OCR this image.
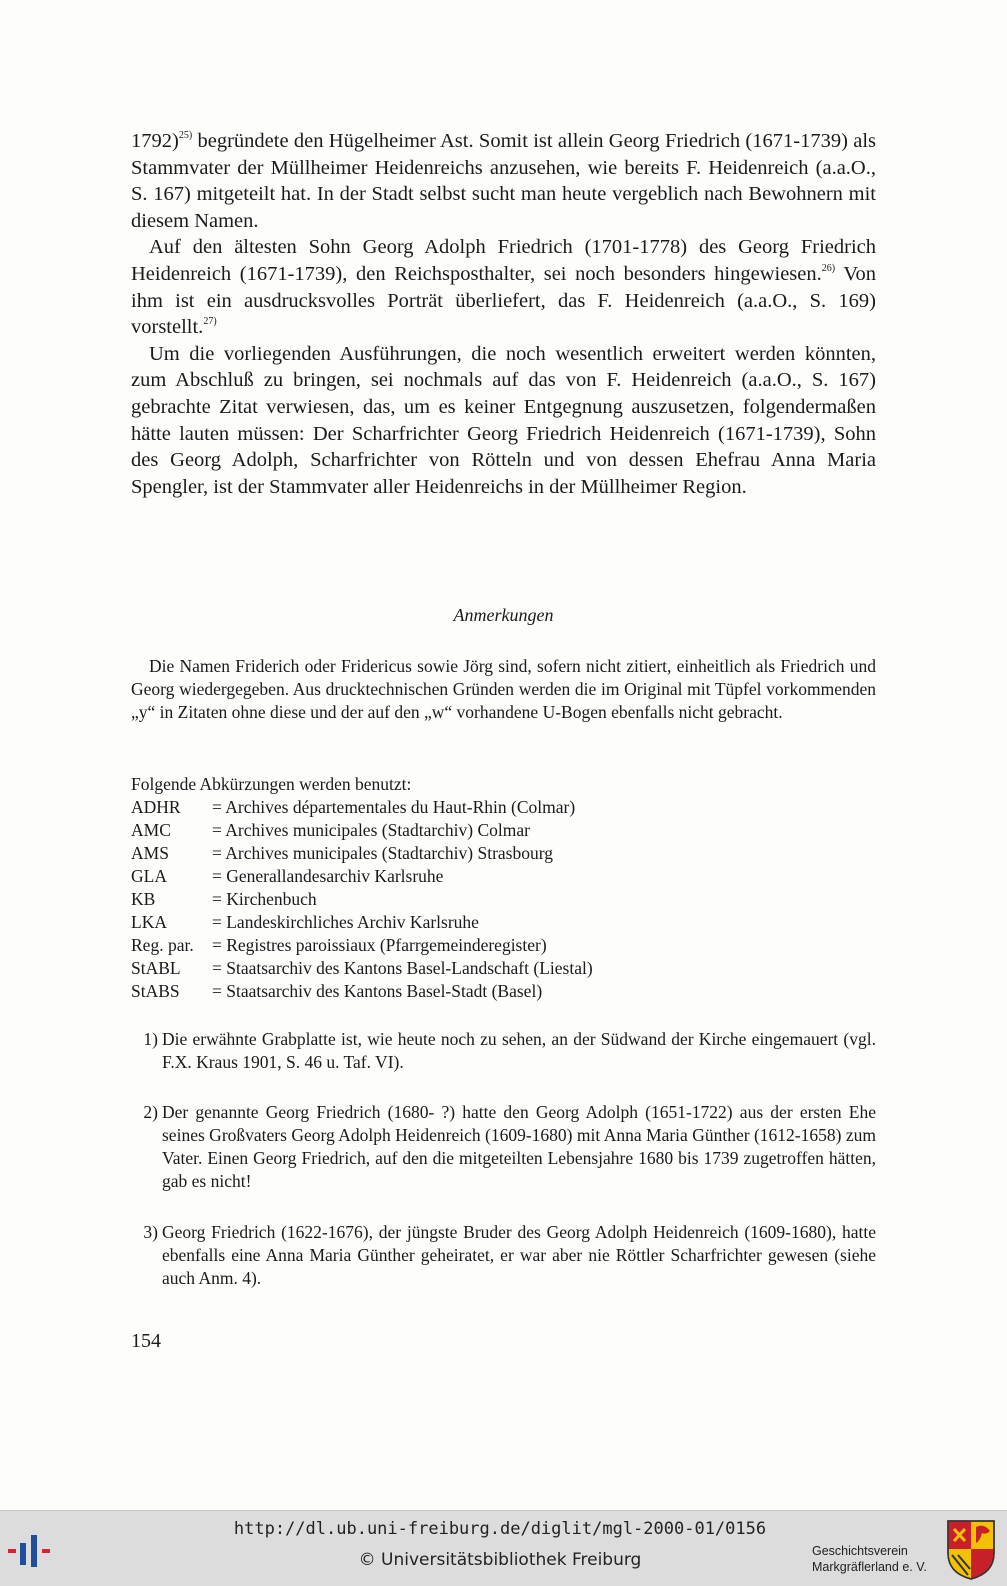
1792)$^{25)}$ begründete den Hügelheimer Ast. Somit ist allein Georg Friedrich (1671-1739) als Stammvater der Müllheimer Heidenreichs anzusehen, wie bereits F. Heidenreich (a.a.O., S. 167) mitgeteilt hat. In der Stadt selbst sucht man heute vergeblich nach Bewohnern mit diesem Namen.

Auf den ältesten Sohn Georg Adolph Friedrich (1701-1778) des Georg Friedrich Heidenreich (1671-1739), den Reichsposthalter, sei noch besonders hingewiesen.$^{26)}$ Von ihm ist ein ausdrucksvolles Porträt überliefert, das F. Heidenreich (a.a.O., S. 169) vorstellt.$^{27)}$

Um die vorliegenden Ausführungen, die noch wesentlich erweitert werden könnten, zum Abschluß zu bringen, sei nochmals auf das von F. Heidenreich (a.a.O., S. 167) gebrachte Zitat verwiesen, das, um es keiner Entgegnung auszusetzen, folgendermaßen hätte lauten müssen: Der Scharfrichter Georg Friedrich Heidenreich (1671-1739), Sohn des Georg Adolph, Scharfrichter von Rötteln und von dessen Ehefrau Anna Maria Spengler, ist der Stammvater aller Heidenreichs in der Müllheimer Region.

Anmerkungen

Die Namen Friderich oder Fridericus sowie Jörg sind, sofern nicht zitiert, einheitlich als Friedrich und Georg wiedergegeben. Aus drucktechnischen Gründen werden die im Original mit Tüpfel vorkommenden „y“ in Zitaten ohne diese und der auf den „w“ vorhandene U-Bogen ebenfalls nicht gebracht.

Folgende Abkürzungen werden benutzt:

ADHR	= Archives départementales du Haut-Rhin (Colmar)
AMC	= Archives municipales (Stadtarchiv) Colmar
AMS	= Archives municipales (Stadtarchiv) Strasbourg
GLA	= Generallandesarchiv Karlsruhe
KB	= Kirchenbuch
LKA	= Landeskirchliches Archiv Karlsruhe
Reg. par.	= Registres paroissiaux (Pfarrgemeinderegister)
StABL	= Staatsarchiv des Kantons Basel-Landschaft (Liestal)
StABS	= Staatsarchiv des Kantons Basel-Stadt (Basel)
1) Die erwähnte Grabplatte ist, wie heute noch zu sehen, an der Südwand der Kirche eingemauert (vgl. F.X. Kraus 1901, S. 46 u. Taf. VI).
2) Der genannte Georg Friedrich (1680- ?) hatte den Georg Adolph (1651-1722) aus der ersten Ehe seines Großvaters Georg Adolph Heidenreich (1609-1680) mit Anna Maria Günther (1612-1658) zum Vater. Einen Georg Friedrich, auf den die mitgeteilten Lebensjahre 1680 bis 1739 zugetroffen hätten, gab es nicht!
3) Georg Friedrich (1622-1676), der jüngste Bruder des Georg Adolph Heidenreich (1609-1680), hatte ebenfalls eine Anna Maria Günther geheiratet, er war aber nie Röttler Scharfrichter gewesen (siehe auch Anm. 4).
154
http://dl.ub.uni-freiburg.de/diglit/mgl-2000-01/0156
© Universitätsbibliothek Freiburg	Geschichtsverein
Markgräflerland e. V.
